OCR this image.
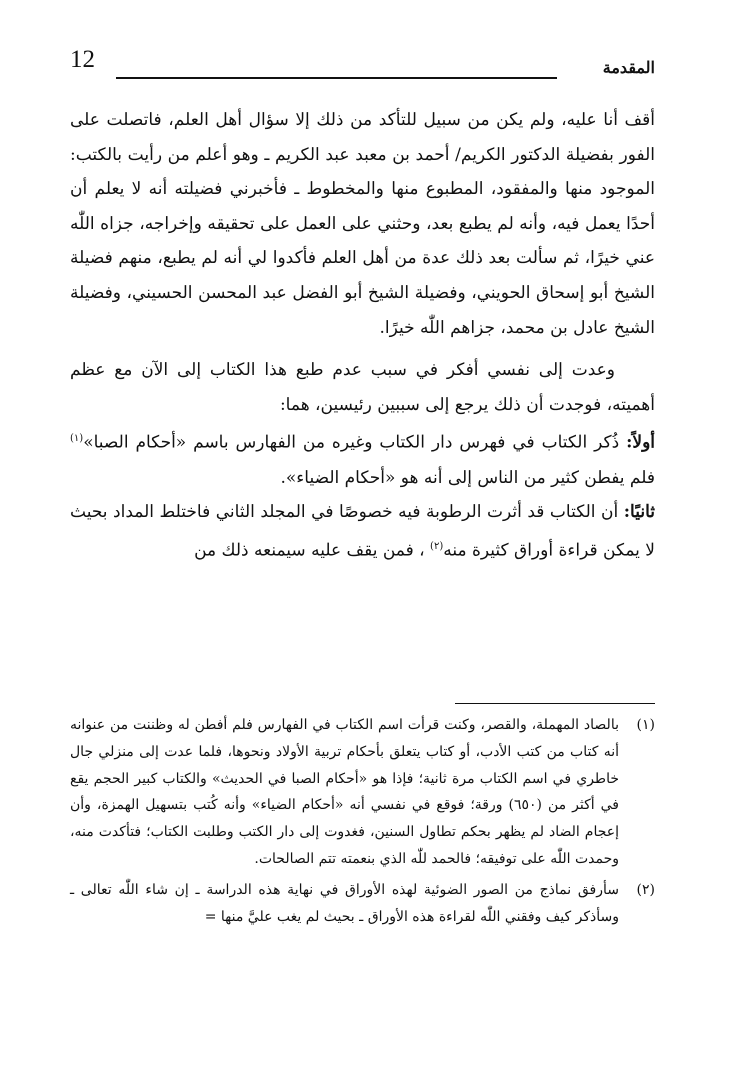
12	المقدمة

أقف أنا عليه، ولم يكن من سبيل للتأكد من ذلك إلا سؤال أهل العلم، فاتصلت على الفور بفضيلة الدكتور الكريم/ أحمد بن معبد عبد الكريم ـ وهو أعلم من رأيت بالكتب: الموجود منها والمفقود، المطبوع منها والمخطوط ـ فأخبرني فضيلته أنه لا يعلم أن أحدًا يعمل فيه، وأنه لم يطبع بعد، وحثني على العمل على تحقيقه وإخراجه، جزاه اللّٰه عني خيرًا، ثم سألت بعد ذلك عدة من أهل العلم فأكدوا لي أنه لم يطبع، منهم فضيلة الشيخ أبو إسحاق الحويني، وفضيلة الشيخ أبو الفضل عبد المحسن الحسيني، وفضيلة الشيخ عادل بن محمد، جزاهم اللّٰه خيرًا.

وعدت إلى نفسي أفكر في سبب عدم طبع هذا الكتاب إلى الآن مع عظم أهميته، فوجدت أن ذلك يرجع إلى سببين رئيسين، هما:

أولاً: ذُكر الكتاب في فهرس دار الكتاب وغيره من الفهارس باسم «أحكام الصبا»$^{(١)}$ فلم يفطن كثير من الناس إلى أنه هو «أحكام الضياء».

ثانيًا: أن الكتاب قد أثرت الرطوبة فيه خصوصًا في المجلد الثاني فاختلط المداد بحيث لا يمكن قراءة أوراق كثيرة منه$^{(٢)}$ ، فمن يقف عليه سيمنعه ذلك من

(١)
بالصاد المهملة، والقصر، وكنت قرأت اسم الكتاب في الفهارس فلم أفطن له وظننت من عنوانه أنه كتاب من كتب الأدب، أو كتاب يتعلق بأحكام تربية الأولاد ونحوها، فلما عدت إلى منزلي جال خاطري في اسم الكتاب مرة ثانية؛ فإذا هو «أحكام الصبا في الحديث» والكتاب كبير الحجم يقع في أكثر من (٦٥٠) ورقة؛ فوقع في نفسي أنه «أحكام الضياء» وأنه كُتب بتسهيل الهمزة، وأن إعجام الضاد لم يظهر بحكم تطاول السنين، فغدوت إلى دار الكتب وطلبت الكتاب؛ فتأكدت منه، وحمدت اللّٰه على توفيقه؛ فالحمد للّٰه الذي بنعمته تتم الصالحات.
(٢)
سأرفق نماذج من الصور الضوئية لهذه الأوراق في نهاية هذه الدراسة ـ إن شاء اللّٰه تعالى ـ وسأذكر كيف وفقني اللّٰه لقراءة هذه الأوراق ـ بحيث لم يغب عليَّ منها =
